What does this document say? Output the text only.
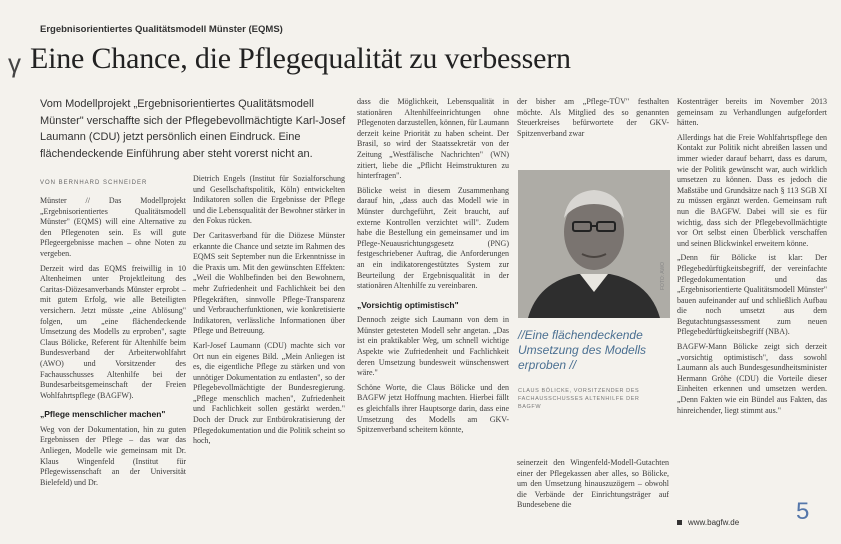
Ergebnisorientiertes Qualitätsmodell Münster (EQMS)
γ Eine Chance, die Pflegequalität zu verbessern

Vom Modellprojekt „Ergebnisorientiertes Qualitätsmodell Münster" verschaffte sich der Pflegebevollmächtigte Karl-Josef Laumann (CDU) jetzt persönlich einen Eindruck. Eine flächendeckende Einführung aber steht vorerst nicht an.

VON BERNHARD SCHNEIDER

Münster // Das Modellprojekt „Ergebnisorientiertes Qualitätsmodell Münster" (EQMS) will eine Alternative zu den Pflegenoten sein. Es will gute Pflegeergebnisse machen – ohne Noten zu vergeben.

Derzeit wird das EQMS freiwillig in 10 Altenheimen unter Projektleitung des Caritas-Diözesanverbands Münster erprobt – mit gutem Erfolg, wie alle Beteiligten versichern. Jetzt müsste „eine Ablösung" folgen, um „eine flächendeckende Umsetzung des Modells zu erproben", sagte Claus Bölicke, Referent für Altenhilfe beim Bundesverband der Arbeiterwohlfahrt (AWO) und Vorsitzender des Fachausschusses Altenhilfe bei der Bundesarbeitsgemeinschaft der Freien Wohlfahrtspflege (BAGFW).

„Pflege menschlicher machen"

Weg von der Dokumentation, hin zu guten Ergebnissen der Pflege – das war das Anliegen, Modelle wie gemeinsam mit Dr. Klaus Wingenfeld (Institut für Pflegewissenschaft an der Universität Bielefeld) und Dr.

Dietrich Engels (Institut für Sozialforschung und Gesellschaftspolitik, Köln) entwickelten Indikatoren sollen die Ergebnisse der Pflege und die Lebensqualität der Bewohner stärker in den Fokus rücken.

Der Caritasverband für die Diözese Münster erkannte die Chance und setzte im Rahmen des EQMS seit September nun die Erkenntnisse in die Praxis um. Mit den gewünschten Effekten: „Weil die Wohlbefinden bei den Bewohnern, mehr Zufriedenheit und Fachlichkeit bei den Pflegekräften, sinnvolle Pflege-Transparenz und Verbraucherfunktionen, wie konkretisierte Indikatoren, verlässliche Informationen über Pflege und Betreuung.

Karl-Josef Laumann (CDU) machte sich vor Ort nun ein eigenes Bild. „Mein Anliegen ist es, die eigentliche Pflege zu stärken und von unnötiger Dokumentation zu entlasten", so der Pflegebevollmächtigte der Bundesregierung. „Pflege menschlich machen", Zufriedenheit und Fachlichkeit sollen gestärkt werden." Doch der Druck zur Entbürokratisierung der Pflegedokumentation und die Politik scheint so hoch,

dass die Möglichkeit, Lebensqualität in stationären Altenhilfeeinrichtungen ohne Pflegenoten darzustellen, können, für Laumann derzeit keine Priorität zu haben scheint. Der Brasil, so wird der Staatssekretär von der Zeitung „Westfälische Nachrichten" (WN) zitiert, liebe die „Pflicht Heimstrukturen zu hinterfragen".

Bölicke weist in diesem Zusammenhang darauf hin, „dass auch das Modell wie in Münster durchgeführt, Zeit braucht, auf externe Kontrollen verzichtet will". Zudem habe die Bestellung ein gemeinsamer und im Pflege-Neuausrichtungsgesetz (PNG) festgeschriebener Auftrag, die Anforderungen an ein indikatorengestütztes System zur Beurteilung der Ergebnisqualität in der stationären Altenhilfe zu vereinbaren.

„Vorsichtig optimistisch"

Dennoch zeigte sich Laumann von dem in Münster getesteten Modell sehr angetan. „Das ist ein praktikabler Weg, um schnell wichtige Aspekte wie Zufriedenheit und Fachlichkeit deren Umsetzung bundesweit wünschenswert wäre."

Schöne Worte, die Claus Bölicke und den BAGFW jetzt Hoffnung machten. Hierbei fällt es gleichfalls ihrer Hauptsorge darin, dass eine Umsetzung des Modells am GKV-Spitzenverband scheitern könnte,

der bisher am „Pflege-TÜV" festhalten möchte. Als Mitglied des so genannten Steuerkreises befürwortete der GKV-Spitzenverband zwar

FOTO: AWO
//Eine flächendeckende Umsetzung des Modells erproben //
CLAUS BÖLICKE, VORSITZENDER DES FACHAUSSCHUSSES ALTENHILFE DER BAGFW

seinerzeit den Wingenfeld-Modell-Gutachten einer der Pflegekassen aber alles, so Bölicke, um den Umsetzung hinauszuzögern – obwohl die Verbände der Einrichtungsträger auf Bundesebene die

Kostenträger bereits im November 2013 gemeinsam zu Verhandlungen aufgefordert hätten.

Allerdings hat die Freie Wohlfahrtspflege den Kontakt zur Politik nicht abreißen lassen und immer wieder darauf beharrt, dass es darum, wie der Politik gewünscht war, auch wirklich umsetzen zu können. Dass es jedoch die Maßstäbe und Grundsätze nach § 113 SGB XI zu müssen ergänzt werden. Gemeinsam ruft nun die BAGFW. Dabei will sie es für wichtig, dass sich der Pflegebevollmächtigte vor Ort selbst einen Überblick verschaffen und seinen Blickwinkel erweitern könne.

„Denn für Bölicke ist klar: Der Pflegebedürftigkeitsbegriff, der vereinfachte Pflegedokumentation und das „Ergebnisorientierte Qualitätsmodell Münster" bauen aufeinander auf und schließlich Aufbau die noch umsetzt aus dem Begutachtungsassessment zum neuen Pflegebedürftigkeitsbegriff (NBA).

BAGFW-Mann Bölicke zeigt sich derzeit „vorsichtig optimistisch", dass sowohl Laumann als auch Bundesgesundheitsminister Hermann Gröhe (CDU) die Vorteile dieser Einheiten erkennen und umsetzen werden. „Denn Fakten wie ein Bündel aus Fakten, das hinreichender, liegt stimmt aus."

www.bagfw.de 5
